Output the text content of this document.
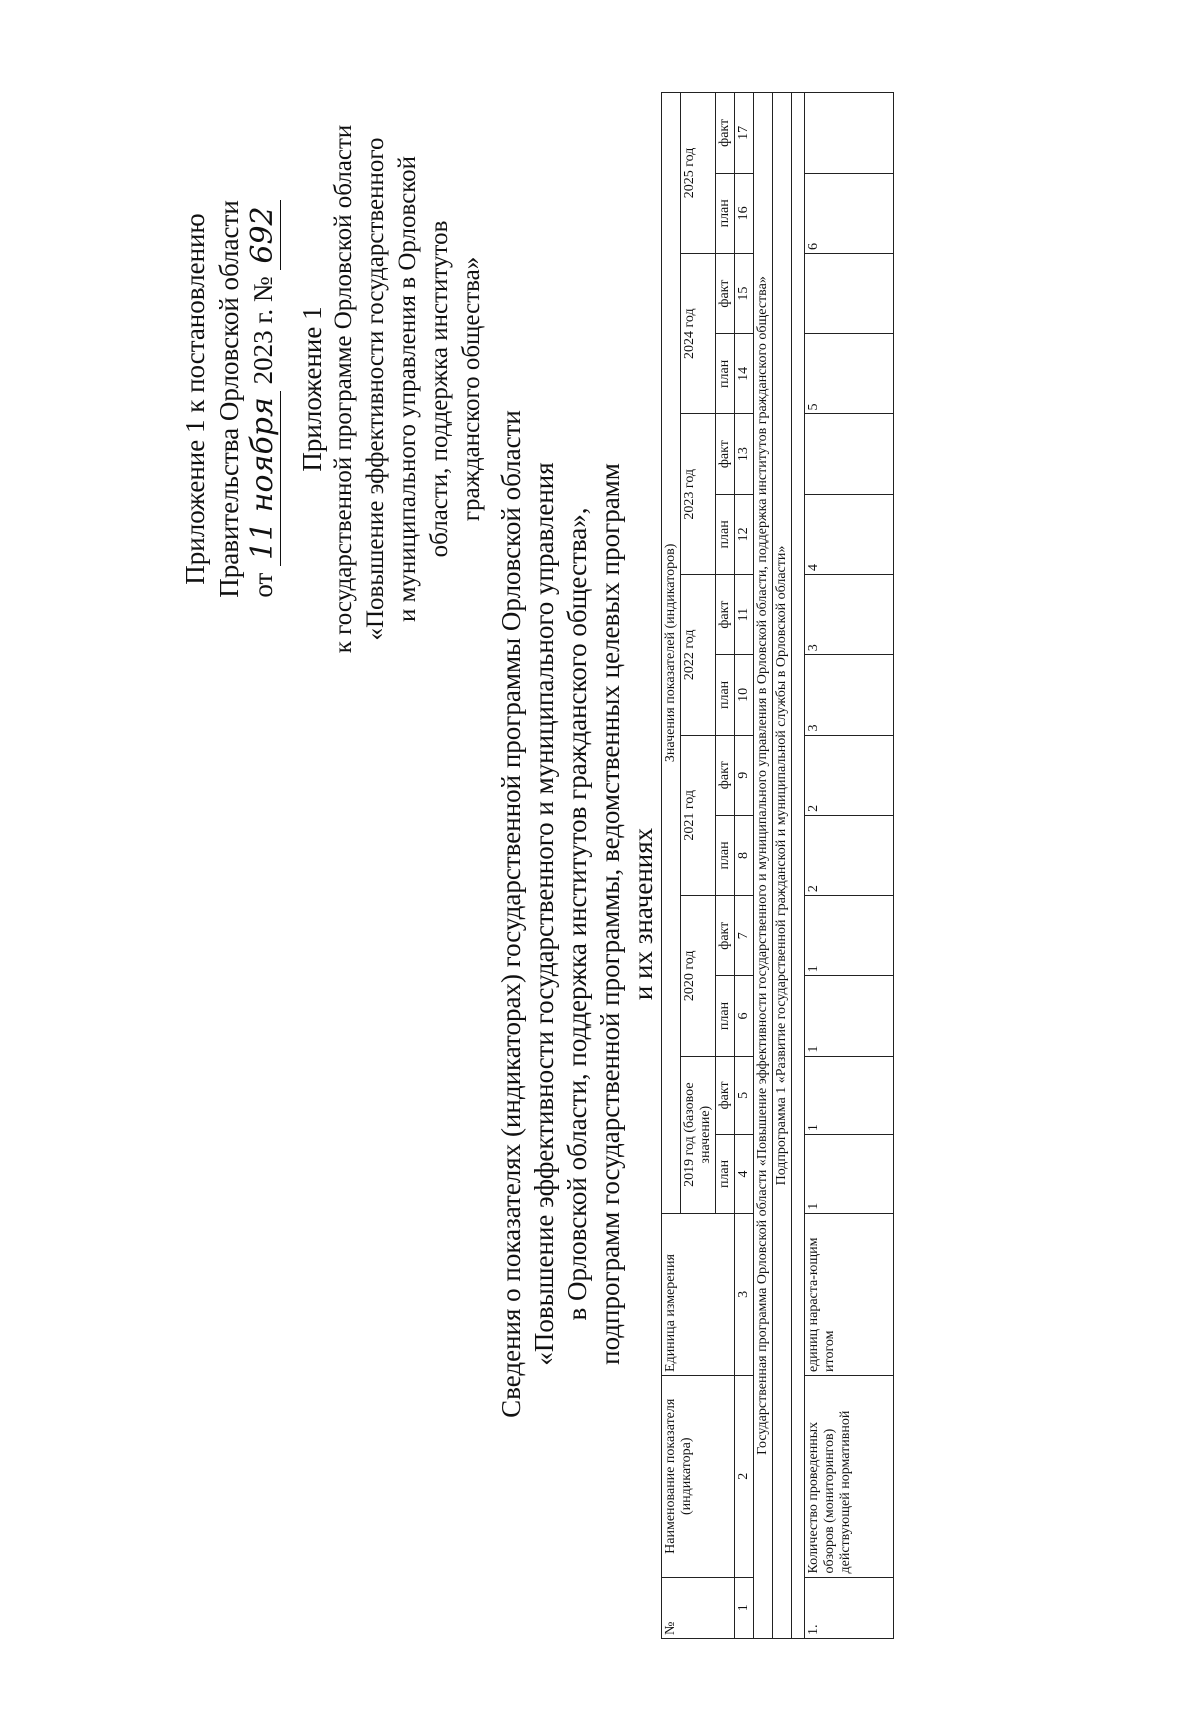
Приложение 1 к постановлению Правительства Орловской области от 11 ноября 2023 г. № 692
Приложение 1 к государственной программе Орловской области «Повышение эффективности государственного и муниципального управления в Орловской области, поддержка институтов гражданского общества»
Сведения о показателях (индикаторах) государственной программы Орловской области «Повышение эффективности государственного и муниципального управления в Орловской области, поддержка институтов гражданского общества», подпрограмм государственной программы, ведомственных целевых программ и их значениях
№	Наименование показателя (индикатора)	Единица измерения	Значения показателей (индикаторов)													
			2019 год (базовое значение)		2020 год		2021 год		2022 год		2023 год		2024 год		2025 год	
			план	факт	план	факт	план	факт	план	факт	план	факт	план	факт	план	факт
1	2	3	4	5	6	7	8	9	10	11	12	13	14	15	16	17
Государственная программа Орловской области «Повышение эффективности государственного и муниципального управления в Орловской области, поддержка институтов гражданского общества»																
Подпрограмма 1 «Развитие государственной гражданской и муниципальной службы в Орловской области»																

1.	Количество проведенных обзоров (мониторингов) действующей нормативной	единиц нараста-ющим итогом	1	1	1	1	2	2	3	3	4		5		6	
